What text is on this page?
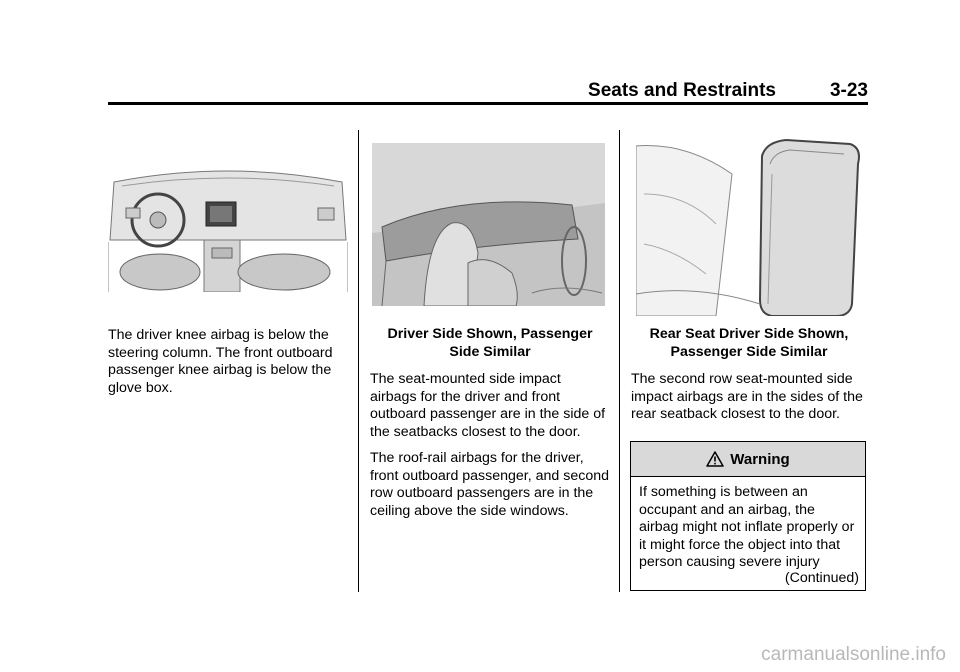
Seats and Restraints	3-23

The driver knee airbag is below the steering column. The front outboard passenger knee airbag is below the glove box.

Driver Side Shown, Passenger
Side Similar

The seat-mounted side impact airbags for the driver and front outboard passenger are in the side of the seatbacks closest to the door.

The roof-rail airbags for the driver, front outboard passenger, and second row outboard passengers are in the ceiling above the side windows.

Rear Seat Driver Side Shown,
Passenger Side Similar

The second row seat-mounted side impact airbags are in the sides of the rear seatback closest to the door.

Warning
If something is between an occupant and an airbag, the airbag might not inflate properly or it might force the object into that person causing severe injury
(Continued)
carmanualsonline.info
